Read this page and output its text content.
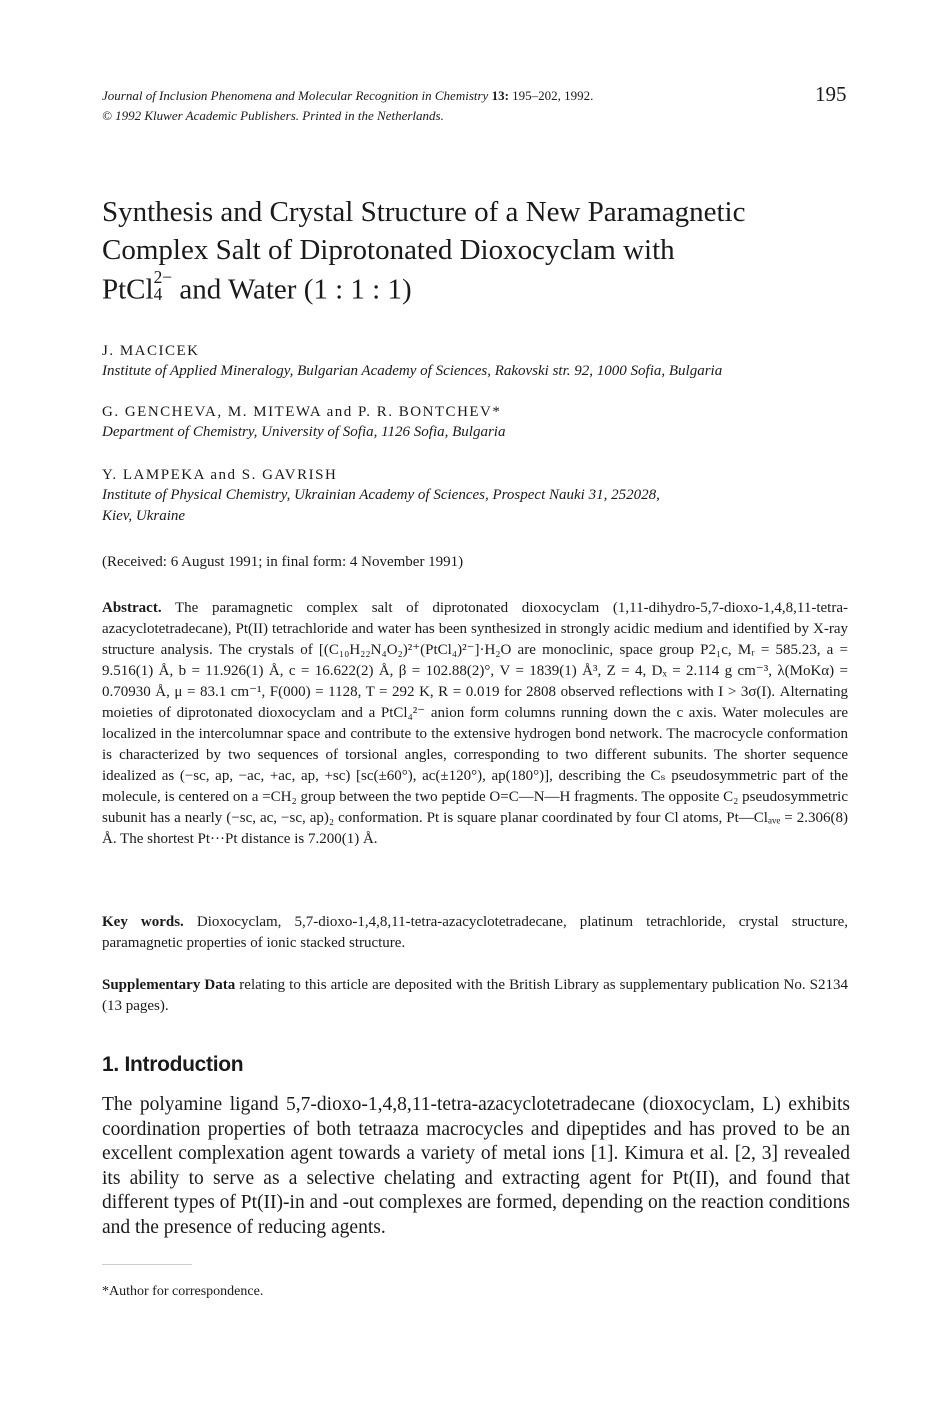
Journal of Inclusion Phenomena and Molecular Recognition in Chemistry 13: 195–202, 1992.
© 1992 Kluwer Academic Publishers. Printed in the Netherlands.
195
Synthesis and Crystal Structure of a New Paramagnetic
Complex Salt of Diprotonated Dioxocyclam with
PtCl 2−
4 and Water (1 : 1 : 1)
J. MACICEK
Institute of Applied Mineralogy, Bulgarian Academy of Sciences, Rakovski str. 92, 1000 Sofia, Bulgaria
G. GENCHEVA, M. MITEWA and P. R. BONTCHEV*
Department of Chemistry, University of Sofia, 1126 Sofia, Bulgaria
Y. LAMPEKA and S. GAVRISH
Institute of Physical Chemistry, Ukrainian Academy of Sciences, Prospect Nauki 31, 252028,
Kiev, Ukraine
(Received: 6 August 1991; in final form: 4 November 1991)
Abstract. The paramagnetic complex salt of diprotonated dioxocyclam (1,11-dihydro-5,7-dioxo-1,4,8,11-tetra-azacyclotetradecane), Pt(II) tetrachloride and water has been synthesized in strongly acidic medium and identified by X-ray structure analysis. The crystals of [(C₁₀H₂₂N₄O₂)²⁺(PtCl₄)²⁻]·H₂O are monoclinic, space group P2₁c, Mᵣ = 585.23, a = 9.516(1) Å, b = 11.926(1) Å, c = 16.622(2) Å, β = 102.88(2)°, V = 1839(1) Å³, Z = 4, Dₓ = 2.114 g cm⁻³, λ(MoKα) = 0.70930 Å, μ = 83.1 cm⁻¹, F(000) = 1128, T = 292 K, R = 0.019 for 2808 observed reflections with I > 3σ(I). Alternating moieties of diprotonated dioxocyclam and a PtCl₄²⁻ anion form columns running down the c axis. Water molecules are localized in the intercolumnar space and contribute to the extensive hydrogen bond network. The macrocycle conformation is characterized by two sequences of torsional angles, corresponding to two different subunits. The shorter sequence idealized as (−sc, ap, −ac, +ac, ap, +sc) [sc(±60°), ac(±120°), ap(180°)], describing the Cₛ pseudosymmetric part of the molecule, is centered on a =CH₂ group between the two peptide O=C—N—H fragments. The opposite C₂ pseudosymmetric subunit has a nearly (−sc, ac, −sc, ap)₂ conformation. Pt is square planar coordinated by four Cl atoms, Pt—Clₐᵥₑ = 2.306(8) Å. The shortest Pt···Pt distance is 7.200(1) Å.
Key words. Dioxocyclam, 5,7-dioxo-1,4,8,11-tetra-azacyclotetradecane, platinum tetrachloride, crystal structure, paramagnetic properties of ionic stacked structure.
Supplementary Data relating to this article are deposited with the British Library as supplementary publication No. S2134 (13 pages).
1. Introduction
The polyamine ligand 5,7-dioxo-1,4,8,11-tetra-azacyclotetradecane (dioxocyclam, L) exhibits coordination properties of both tetraaza macrocycles and dipeptides and has proved to be an excellent complexation agent towards a variety of metal ions [1]. Kimura et al. [2, 3] revealed its ability to serve as a selective chelating and extracting agent for Pt(II), and found that different types of Pt(II)-in and -out complexes are formed, depending on the reaction conditions and the presence of reducing agents.
*Author for correspondence.
